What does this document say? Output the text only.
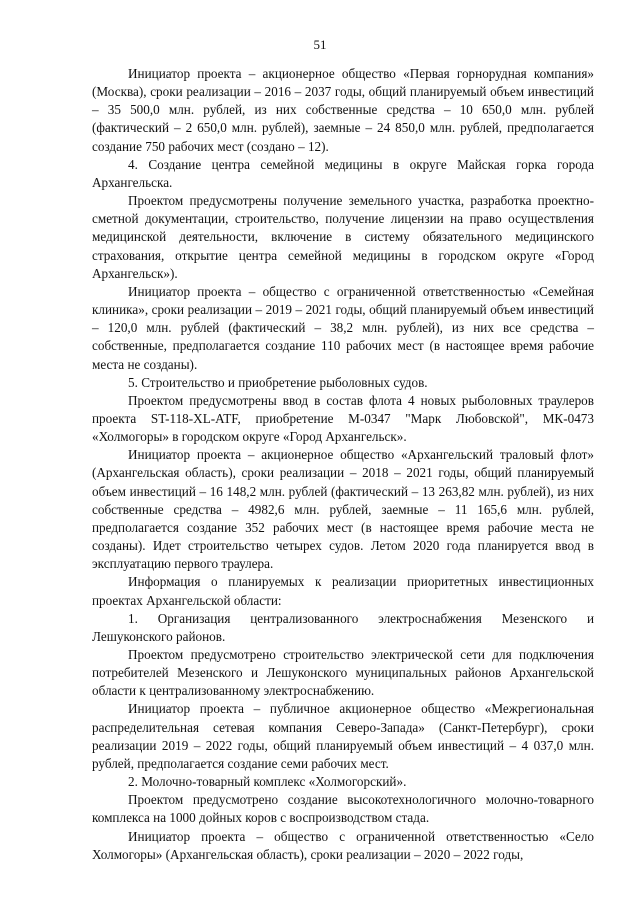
51

Инициатор проекта – акционерное общество «Первая горнорудная компания» (Москва), сроки реализации – 2016 – 2037 годы, общий планируемый объем инвестиций – 35 500,0 млн. рублей, из них собственные средства – 10 650,0 млн. рублей (фактический – 2 650,0 млн. рублей), заемные – 24 850,0 млн. рублей, предполагается создание 750 рабочих мест (создано – 12).

4. Создание центра семейной медицины в округе Майская горка города Архангельска.

Проектом предусмотрены получение земельного участка, разработка проектно-сметной документации, строительство, получение лицензии на право осуществления медицинской деятельности, включение в систему обязательного медицинского страхования, открытие центра семейной медицины в городском округе «Город Архангельск»).

Инициатор проекта – общество с ограниченной ответственностью «Семейная клиника», сроки реализации – 2019 – 2021 годы, общий планируемый объем инвестиций – 120,0 млн. рублей (фактический – 38,2 млн. рублей), из них все средства – собственные, предполагается создание 110 рабочих мест (в настоящее время рабочие места не созданы).

5. Строительство и приобретение рыболовных судов.

Проектом предусмотрены ввод в состав флота 4 новых рыболовных траулеров проекта ST-118-XL-ATF, приобретение М-0347 "Марк Любовской", МК-0473 «Холмогоры» в городском округе «Город Архангельск».

Инициатор проекта – акционерное общество «Архангельский траловый флот» (Архангельская область), сроки реализации – 2018 – 2021 годы, общий планируемый объем инвестиций – 16 148,2 млн. рублей (фактический – 13 263,82 млн. рублей), из них собственные средства – 4982,6 млн. рублей, заемные – 11 165,6 млн. рублей, предполагается создание 352 рабочих мест (в настоящее время рабочие места не созданы). Идет строительство четырех судов. Летом 2020 года планируется ввод в эксплуатацию первого траулера.

Информация о планируемых к реализации приоритетных инвестиционных проектах Архангельской области:

1. Организация централизованного электроснабжения Мезенского и Лешуконского районов.

Проектом предусмотрено строительство электрической сети для подключения потребителей Мезенского и Лешуконского муниципальных районов Архангельской области к централизованному электроснабжению.

Инициатор проекта – публичное акционерное общество «Межрегиональная распределительная сетевая компания Северо-Запада» (Санкт-Петербург), сроки реализации 2019 – 2022 годы, общий планируемый объем инвестиций – 4 037,0 млн. рублей, предполагается создание семи рабочих мест.

2. Молочно-товарный комплекс «Холмогорский».

Проектом предусмотрено создание высокотехнологичного молочно-товарного комплекса на 1000 дойных коров с воспроизводством стада.

Инициатор проекта – общество с ограниченной ответственностью «Село Холмогоры» (Архангельская область), сроки реализации – 2020 – 2022 годы,
